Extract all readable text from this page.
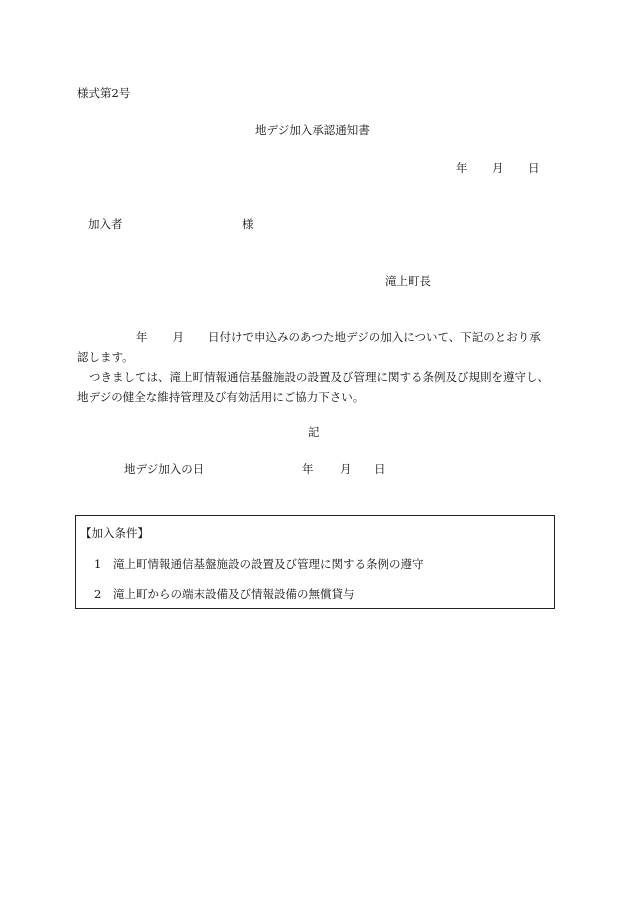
様式第2号
地デジ加入承認通知書
年 月 日
加入者	様
滝上町長
年 月 日付けで申込みのあつた地デジの加入について、下記のとおり承
認します。
つきましては、滝上町情報通信基盤施設の設置及び管理に関する条例及び規則を遵守し、
地デジの健全な維持管理及び有効活用にご協力下さい。
記
地デジ加入の日	年 月 日
【加入条件】
1 滝上町情報通信基盤施設の設置及び管理に関する条例の遵守
2 滝上町からの端末設備及び情報設備の無償貸与
